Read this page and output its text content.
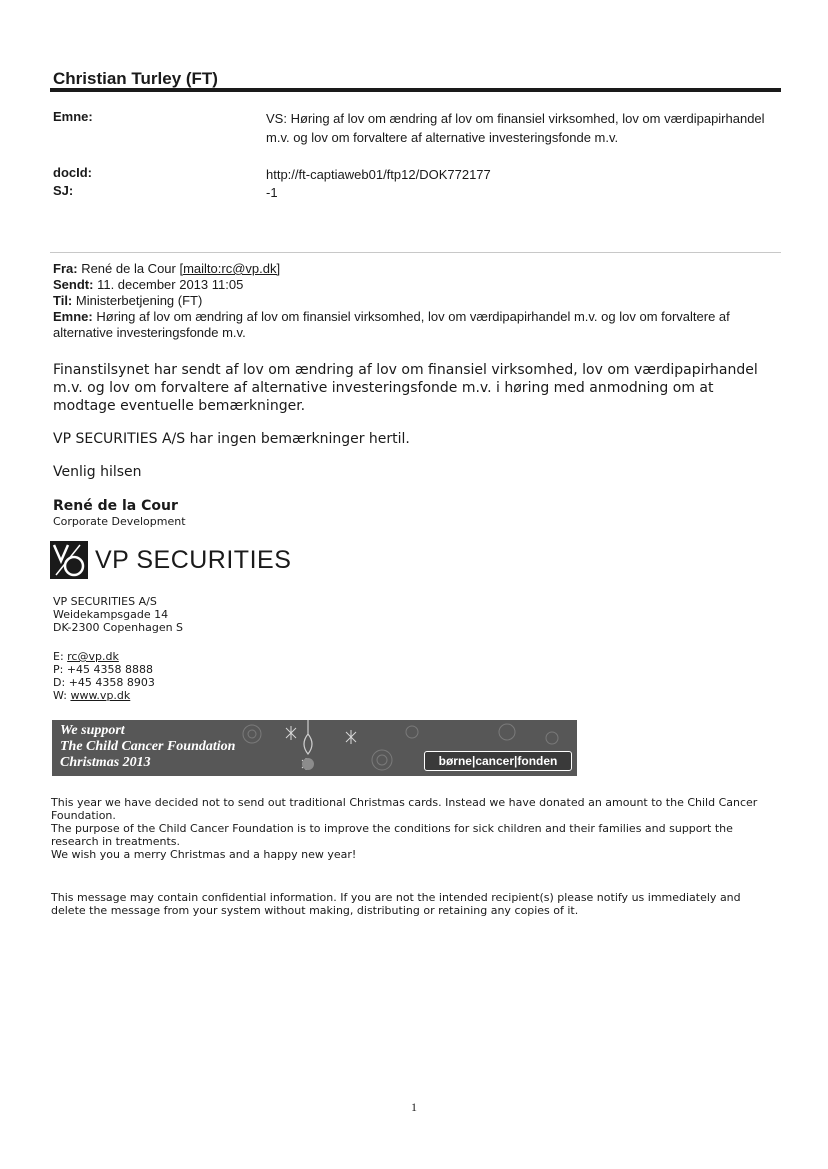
Christian Turley (FT)
Emne:	VS: Høring af lov om ændring af lov om finansiel virksomhed, lov om værdipapirhandel m.v. og lov om forvaltere af alternative investeringsfonde m.v.
docId:	http://ft-captiaweb01/ftp12/DOK772177
SJ:	-1
Fra: René de la Cour [mailto:rc@vp.dk]
Sendt: 11. december 2013 11:05
Til: Ministerbetjening (FT)
Emne: Høring af lov om ændring af lov om finansiel virksomhed, lov om værdipapirhandel m.v. og lov om forvaltere af alternative investeringsfonde m.v.
Finanstilsynet har sendt af lov om ændring af lov om finansiel virksomhed, lov om værdipapirhandel m.v. og lov om forvaltere af alternative investeringsfonde m.v. i høring med anmodning om at modtage eventuelle bemærkninger.
VP SECURITIES A/S har ingen bemærkninger hertil.
Venlig hilsen
René de la Cour
Corporate Development
VP SECURITIES
VP SECURITIES A/S
Weidekampsgade 14
DK-2300 Copenhagen S
E: rc@vp.dk
P: +45 4358 8888
D: +45 4358 8903
W: www.vp.dk
We support
The Child Cancer Foundation
Christmas 2013	børne|cancer|fonden
This year we have decided not to send out traditional Christmas cards. Instead we have donated an amount to the Child Cancer Foundation.
The purpose of the Child Cancer Foundation is to improve the conditions for sick children and their families and support the research in treatments.
We wish you a merry Christmas and a happy new year!
This message may contain confidential information. If you are not the intended recipient(s) please notify us immediately and delete the message from your system without making, distributing or retaining any copies of it.
1
